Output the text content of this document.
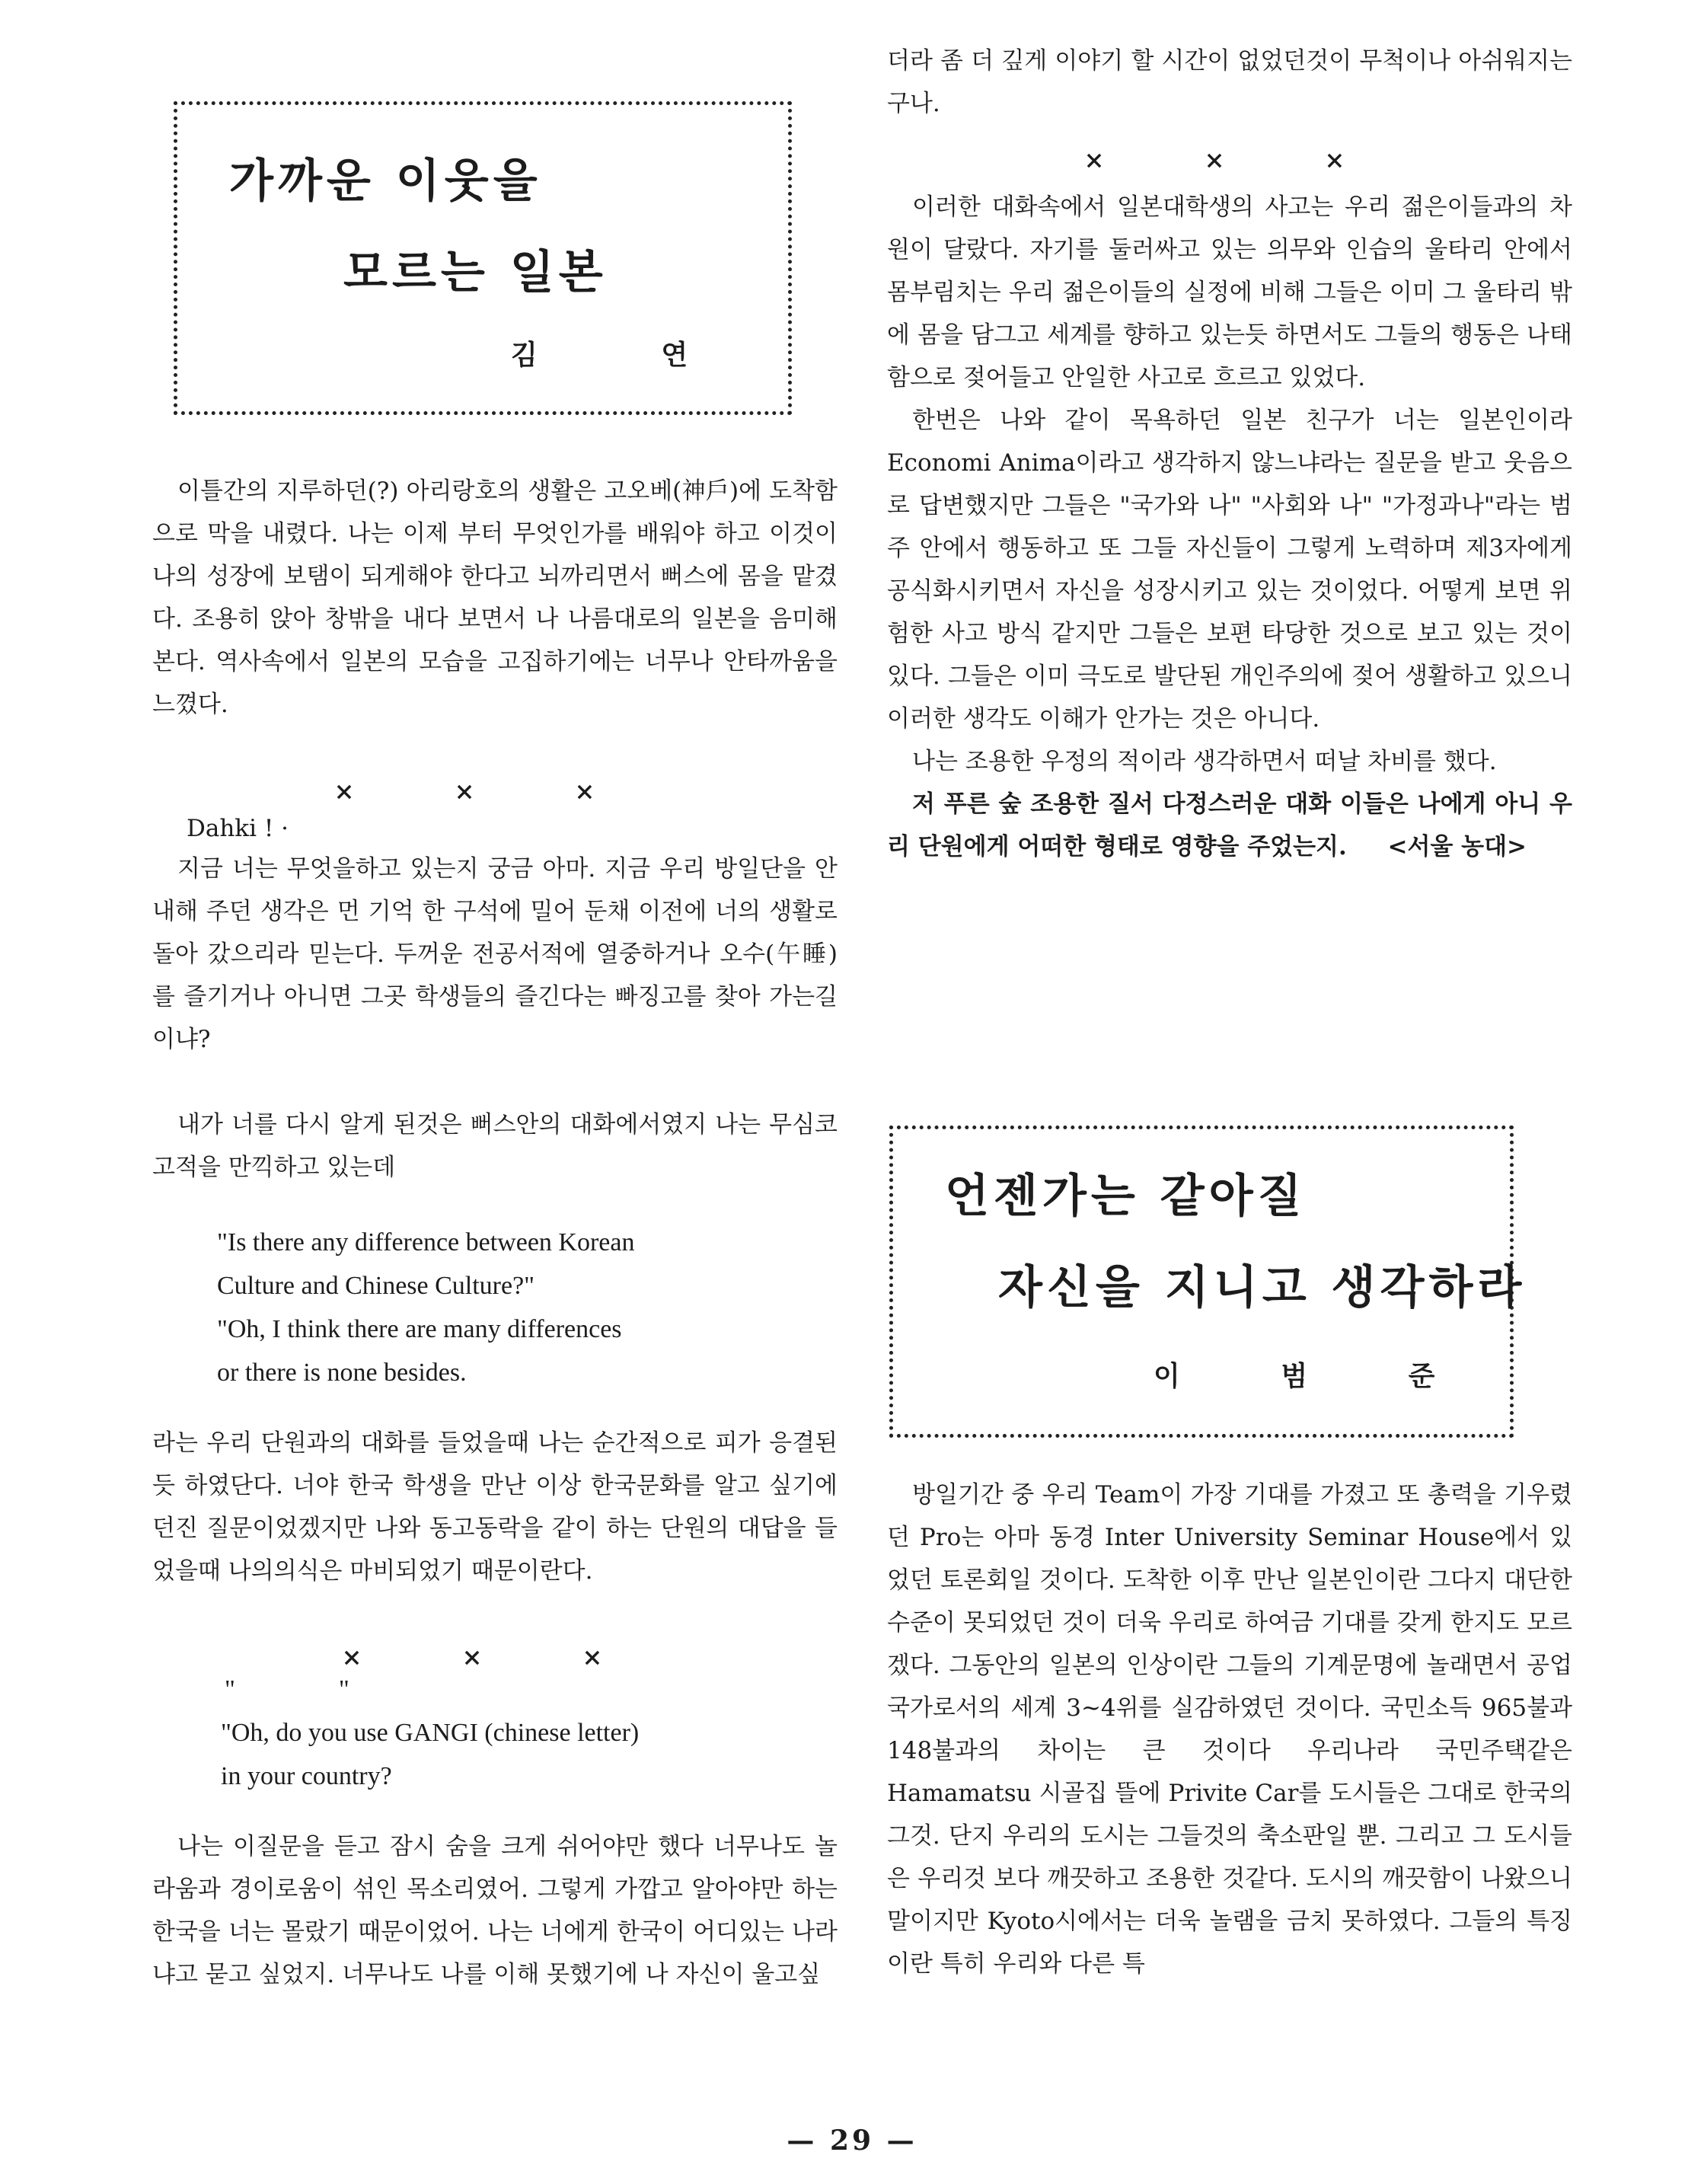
가까운 이웃을
모르는 일본
김	연

이틀간의 지루하던(?) 아리랑호의 생활은 고오베(神戶)에 도착함으로 막을 내렸다. 나는 이제 부터 무엇인가를 배워야 하고 이것이 나의 성장에 보탬이 되게해야 한다고 뇌까리면서 뻐스에 몸을 맡겼다. 조용히 앉아 창밖을 내다 보면서 나 나름대로의 일본을 음미해 본다. 역사속에서 일본의 모습을 고집하기에는 너무나 안타까움을 느꼈다.

× × ×

Dahki ! ·

지금 너는 무엇을하고 있는지 궁금 아마. 지금 우리 방일단을 안내해 주던 생각은 먼 기억 한 구석에 밀어 둔채 이전에 너의 생활로 돌아 갔으리라 믿는다. 두꺼운 전공서적에 열중하거나 오수(午睡)를 즐기거나 아니면 그곳 학생들의 즐긴다는 빠징고를 찾아 가는길이냐?

내가 너를 다시 알게 된것은 뻐스안의 대화에서였지 나는 무심코 고적을 만끽하고 있는데

"Is there any difference between Korean

Culture and Chinese Culture?"

"Oh, I think there are many differences

or there is none besides.

라는 우리 단원과의 대화를 들었을때 나는 순간적으로 피가 응결된듯 하였단다. 너야 한국 학생을 만난 이상 한국문화를 알고 싶기에 던진 질문이었겠지만 나와 동고동락을 같이 하는 단원의 대답을 들었을때 나의의식은 마비되었기 때문이란다.

× × ×

"                "

"Oh, do you use GANGI (chinese letter)

in your country?

나는 이질문을 듣고 잠시 숨을 크게 쉬어야만 했다 너무나도 놀라움과 경이로움이 섞인 목소리였어. 그렇게 가깝고 알아야만 하는 한국을 너는 몰랐기 때문이었어. 나는 너에게 한국이 어디있는 나라냐고 묻고 싶었지. 너무나도 나를 이해 못했기에 나 자신이 울고싶

더라 좀 더 깊게 이야기 할 시간이 없었던것이 무척이나 아쉬워지는구나.

× × ×

이러한 대화속에서 일본대학생의 사고는 우리 젊은이들과의 차원이 달랐다. 자기를 둘러싸고 있는 의무와 인습의 울타리 안에서 몸부림치는 우리 젊은이들의 실정에 비해 그들은 이미 그 울타리 밖에 몸을 담그고 세계를 향하고 있는듯 하면서도 그들의 행동은 나태함으로 젖어들고 안일한 사고로 흐르고 있었다.

한번은 나와 같이 목욕하던 일본 친구가 너는 일본인이라 Economi Anima이라고 생각하지 않느냐라는 질문을 받고 웃음으로 답변했지만 그들은 "국가와 나" "사회와 나" "가정과나"라는 범주 안에서 행동하고 또 그들 자신들이 그렇게 노력하며 제3자에게 공식화시키면서 자신을 성장시키고 있는 것이었다. 어떻게 보면 위험한 사고 방식 같지만 그들은 보편 타당한 것으로 보고 있는 것이있다. 그들은 이미 극도로 발단된 개인주의에 젖어 생활하고 있으니 이러한 생각도 이해가 안가는 것은 아니다.

나는 조용한 우정의 적이라 생각하면서 떠날 차비를 했다.

저 푸른 숲 조용한 질서 다정스러운 대화 이들은 나에게 아니 우리 단원에게 어떠한 형태로 영향을 주었는지.	<서울 농대>

언젠가는 같아질
자신을 지니고 생각하라
이	범	준

방일기간 중 우리 Team이 가장 기대를 가졌고 또 총력을 기우렸던 Pro는 아마 동경 Inter University Seminar House에서 있었던 토론회일 것이다. 도착한 이후 만난 일본인이란 그다지 대단한 수준이 못되었던 것이 더욱 우리로 하여금 기대를 갖게 한지도 모르겠다. 그동안의 일본의 인상이란 그들의 기계문명에 놀래면서 공업국가로서의 세계 3~4위를 실감하였던 것이다. 국민소득 965불과 148불과의 차이는 큰 것이다 우리나라 국민주택같은 Hamamatsu 시골집 뜰에 Privite Car를 도시들은 그대로 한국의 그것. 단지 우리의 도시는 그들것의 축소판일 뿐. 그리고 그 도시들은 우리것 보다 깨끗하고 조용한 것같다. 도시의 깨끗함이 나왔으니 말이지만 Kyoto시에서는 더욱 놀램을 금치 못하였다. 그들의 특징이란 특히 우리와 다른 특

— 29 —
